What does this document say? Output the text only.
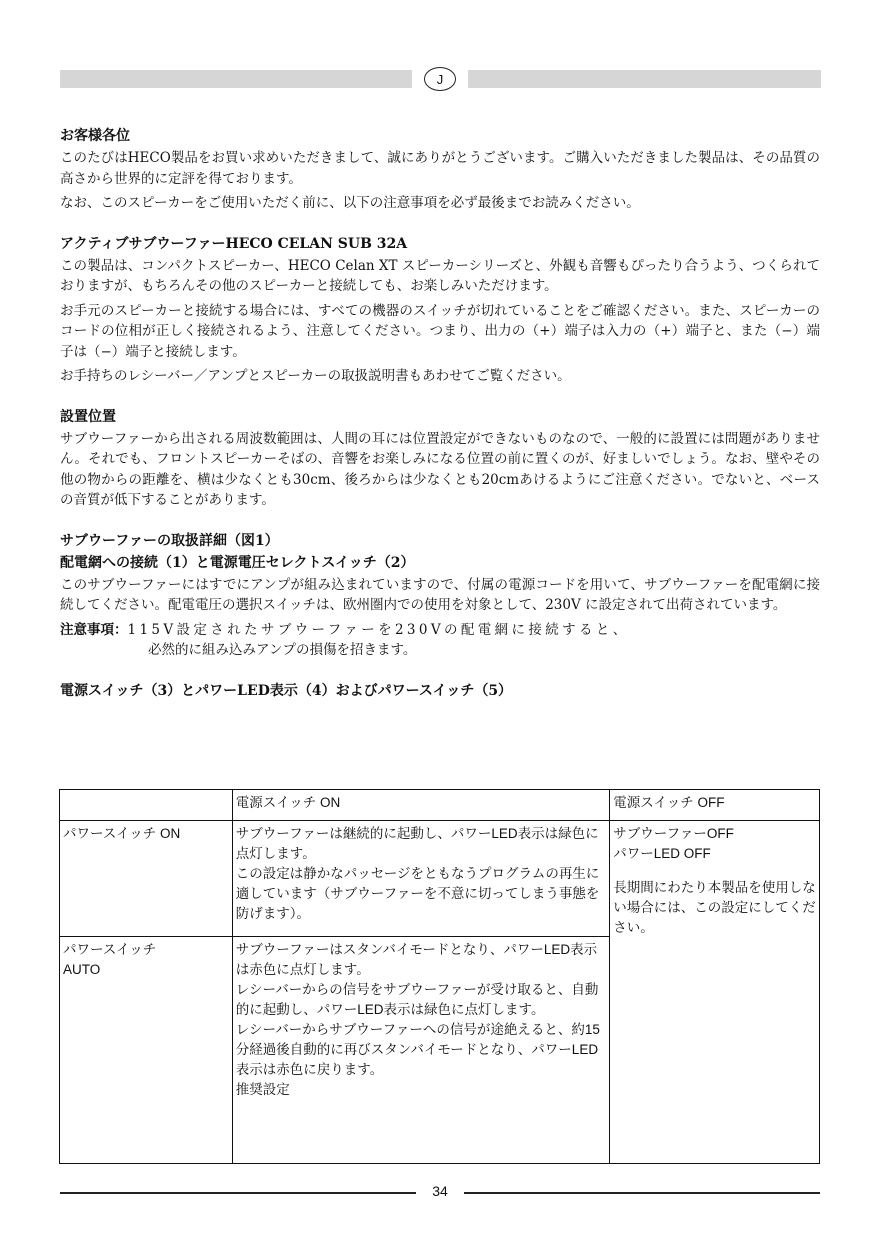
J
お客様各位

このたびはHECO製品をお買い求めいただきまして、誠にありがとうございます。ご購入いただきました製品は、その品質の高さから世界的に定評を得ております。

なお、このスピーカーをご使用いただく前に、以下の注意事項を必ず最後までお読みください。

アクティブサブウーファーHECO CELAN SUB 32A

この製品は、コンパクトスピーカー、HECO Celan XT スピーカーシリーズと、外観も音響もぴったり合うよう、つくられておりますが、もちろんその他のスピーカーと接続しても、お楽しみいただけます。

お手元のスピーカーと接続する場合には、すべての機器のスイッチが切れていることをご確認ください。また、スピーカーのコードの位相が正しく接続されるよう、注意してください。つまり、出力の（+）端子は入力の（+）端子と、また（−）端子は（−）端子と接続します。

お手持ちのレシーバー／アンプとスピーカーの取扱説明書もあわせてご覧ください。

設置位置

サブウーファーから出される周波数範囲は、人間の耳には位置設定ができないものなので、一般的に設置には問題がありません。それでも、フロントスピーカーそばの、音響をお楽しみになる位置の前に置くのが、好ましいでしょう。なお、壁やその他の物からの距離を、横は少なくとも30cm、後ろからは少なくとも20cmあけるようにご注意ください。でないと、ベースの音質が低下することがあります。

サブウーファーの取扱詳細（図1）
配電網への接続（1）と電源電圧セレクトスイッチ（2）

このサブウーファーにはすでにアンプが組み込まれていますので、付属の電源コードを用いて、サブウーファーを配電網に接続してください。配電電圧の選択スイッチは、欧州圏内での使用を対象として、230V に設定されて出荷されています。

注意事項： 115V設定されたサブウーファーを230Vの配電網に接続すると、
必然的に組み込みアンプの損傷を招きます。
電源スイッチ（3）とパワーLED表示（4）およびパワースイッチ（5）
	電源スイッチ ON	電源スイッチ OFF
パワースイッチ ON	サブウーファーは継続的に起動し、パワーLED表示は緑色に点灯します。
この設定は静かなパッセージをともなうプログラムの再生に適しています（サブウーファーを不意に切ってしまう事態を防げます）。	サブウーファーOFF
パワーLED OFF
長期間にわたり本製品を使用しない場合には、この設定にしてください。

パワースイッチ
AUTO	サブウーファーはスタンバイモードとなり、パワーLED表示は赤色に点灯します。
レシーバーからの信号をサブウーファーが受け取ると、自動的に起動し、パワーLED表示は緑色に点灯します。
レシーバーからサブウーファーへの信号が途絶えると、約15分経過後自動的に再びスタンバイモードとなり、パワーLED表示は赤色に戻ります。
推奨設定	
34
